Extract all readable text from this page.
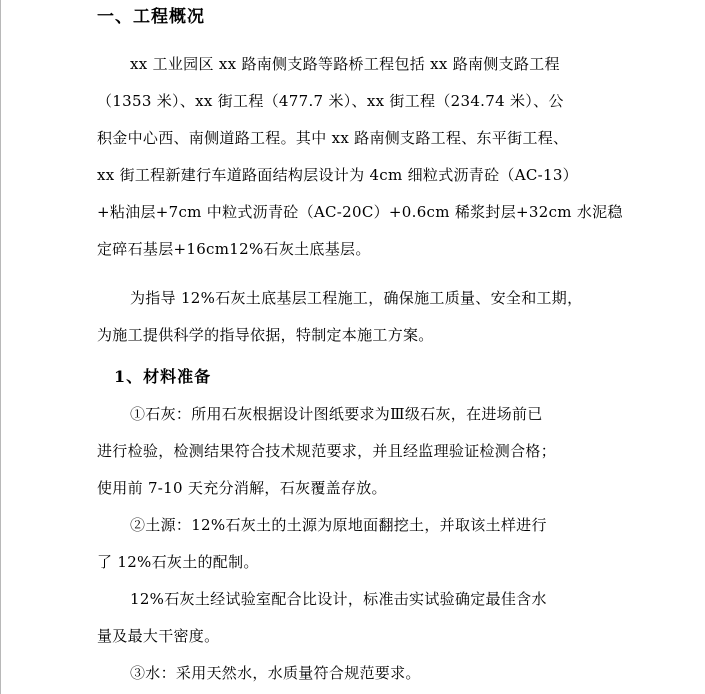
一、工程概况
xx 工业园区 xx 路南侧支路等路桥工程包括 xx 路南侧支路工程
（1353 米）、xx 街工程（477.7 米）、xx 街工程（234.74 米）、公
积金中心西、南侧道路工程。其中 xx 路南侧支路工程、东平街工程、
xx 街工程新建行车道路面结构层设计为 4cm 细粒式沥青砼（AC-13）
+粘油层+7cm 中粒式沥青砼（AC-20C）+0.6cm 稀浆封层+32cm 水泥稳
定碎石基层+16cm12%石灰土底基层。
为指导 12%石灰土底基层工程施工，确保施工质量、安全和工期，
为施工提供科学的指导依据，特制定本施工方案。
1、材料准备
①石灰：所用石灰根据设计图纸要求为Ⅲ级石灰，在进场前已
进行检验，检测结果符合技术规范要求，并且经监理验证检测合格；
使用前 7-10 天充分消解，石灰覆盖存放。
②土源：12%石灰土的土源为原地面翻挖土，并取该土样进行
了 12%石灰土的配制。
12%石灰土经试验室配合比设计，标准击实试验确定最佳含水
量及最大干密度。
③水：采用天然水，水质量符合规范要求。
